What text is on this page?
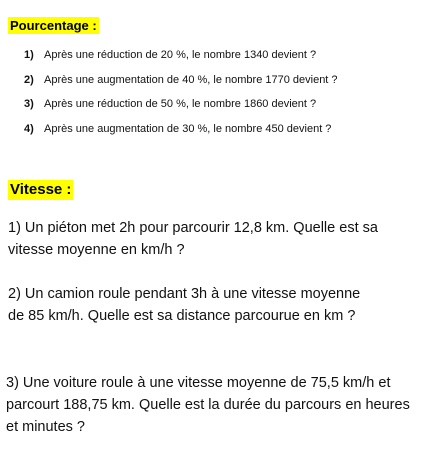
Pourcentage :
1) Après une réduction de 20 %, le nombre 1340 devient ?
2) Après une augmentation de 40 %, le nombre 1770 devient ?
3) Après une réduction de 50 %, le nombre 1860 devient ?
4) Après une augmentation de 30 %, le nombre 450 devient ?
Vitesse :

1) Un piéton met 2h pour parcourir 12,8 km. Quelle est sa vitesse moyenne en km/h ?

2) Un camion roule pendant 3h à une vitesse moyenne de 85 km/h. Quelle est sa distance parcourue en km ?

3) Une voiture roule à une vitesse moyenne de 75,5 km/h et parcourt 188,75 km. Quelle est la durée du parcours en heures et minutes ?
